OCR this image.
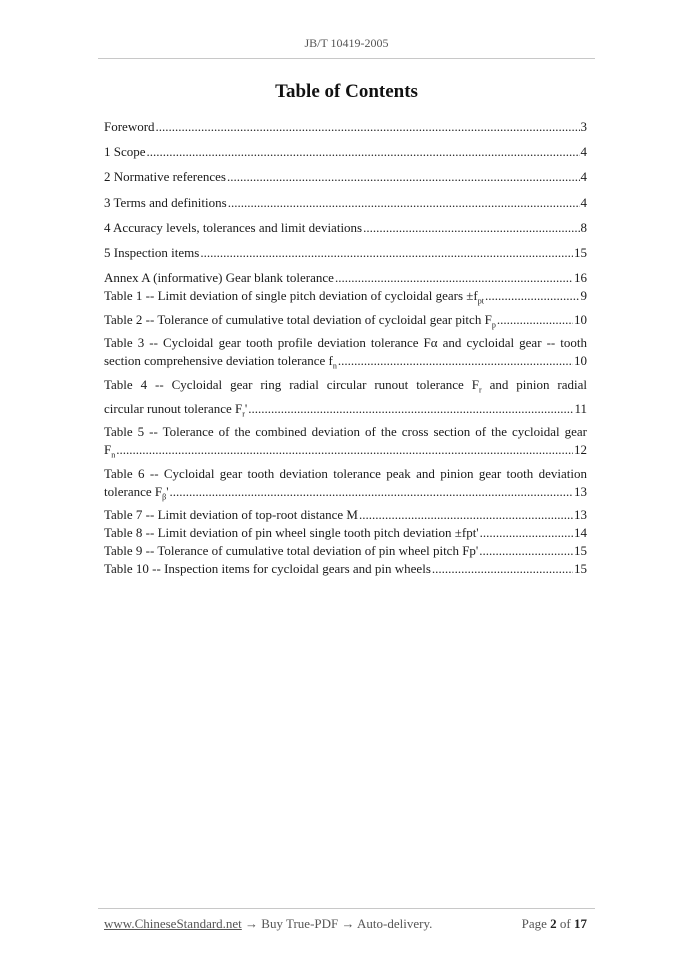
JB/T 10419-2005
Table of Contents
Foreword .....	3
1 Scope .....	4
2 Normative references .....	4
3 Terms and definitions .....	4
4 Accuracy levels, tolerances and limit deviations .....	8
5 Inspection items .....	15
Annex A (informative) Gear blank tolerance .....	16
Table 1 -- Limit deviation of single pitch deviation of cycloidal gears $\pm f_{pt}$ .....	9
Table 2 -- Tolerance of cumulative total deviation of cycloidal gear pitch $F_p$ .....	10
Table 3 -- Cycloidal gear tooth profile deviation tolerance Fα and cycloidal gear -- tooth
section comprehensive deviation tolerance $f_n$ .....	10
Table 4 -- Cycloidal gear ring radial circular runout tolerance $F_r$ and pinion radial
circular runout tolerance $F_r'$ .....	11
Table 5 -- Tolerance of the combined deviation of the cross section of the cycloidal gear
$F_n$ .....	12
Table 6 -- Cycloidal gear tooth deviation tolerance peak and pinion gear tooth deviation
tolerance $F_\beta'$ .....	13
Table 7 -- Limit deviation of top-root distance M .....	13
Table 8 -- Limit deviation of pin wheel single tooth pitch deviation ±fpt' .....	14
Table 9 -- Tolerance of cumulative total deviation of pin wheel pitch Fp' .....	15
Table 10 -- Inspection items for cycloidal gears and pin wheels .....	15
www.ChineseStandard.net → Buy True-PDF → Auto-delivery.	Page 2 of 17
